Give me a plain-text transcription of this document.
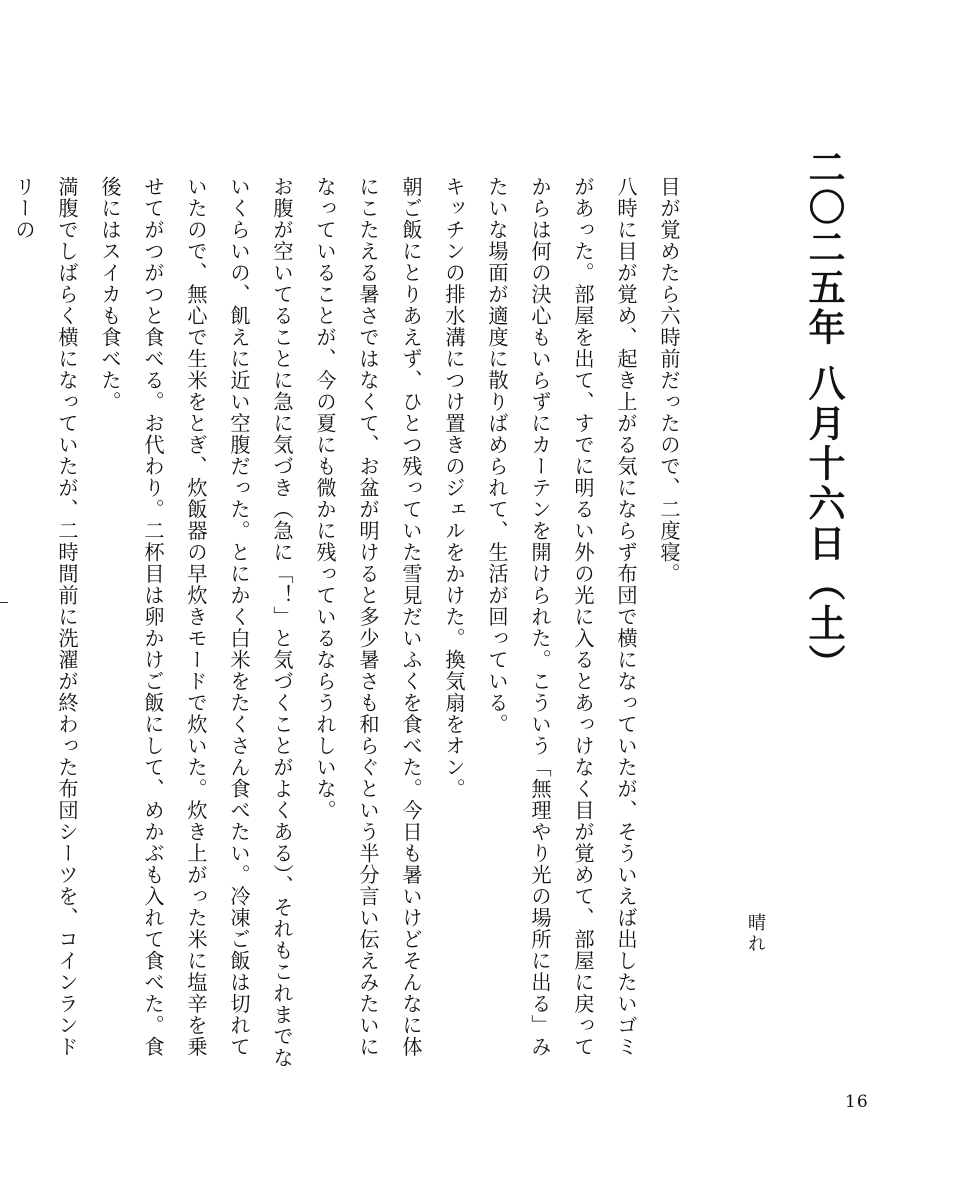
二〇二五年 八月十六日（土）
晴れ

目が覚めたら六時前だったので、二度寝。

八時に目が覚め、起き上がる気にならず布団で横になっていたが、そういえば出したいゴミがあった。部屋を出て、すでに明るい外の光に入るとあっけなく目が覚めて、部屋に戻ってからは何の決心もいらずにカーテンを開けられた。こういう「無理やり光の場所に出る」みたいな場面が適度に散りばめられて、生活が回っている。

キッチンの排水溝につけ置きのジェルをかけた。換気扇をオン。

朝ご飯にとりあえず、ひとつ残っていた雪見だいふくを食べた。今日も暑いけどそんなに体にこたえる暑さではなくて、お盆が明けると多少暑さも和らぐという半分言い伝えみたいになっていることが、今の夏にも微かに残っているならうれしいな。

お腹が空いてることに急に気づき（急に「！」と気づくことがよくある）、それもこれまでないくらいの、飢えに近い空腹だった。とにかく白米をたくさん食べたい。冷凍ご飯は切れていたので、無心で生米をとぎ、炊飯器の早炊きモードで炊いた。炊き上がった米に塩辛を乗せてがつがつと食べる。お代わり。二杯目は卵かけご飯にして、めかぶも入れて食べた。食後にはスイカも食べた。

満腹でしばらく横になっていたが、二時間前に洗濯が終わった布団シーツを、コインランドリーの

16
